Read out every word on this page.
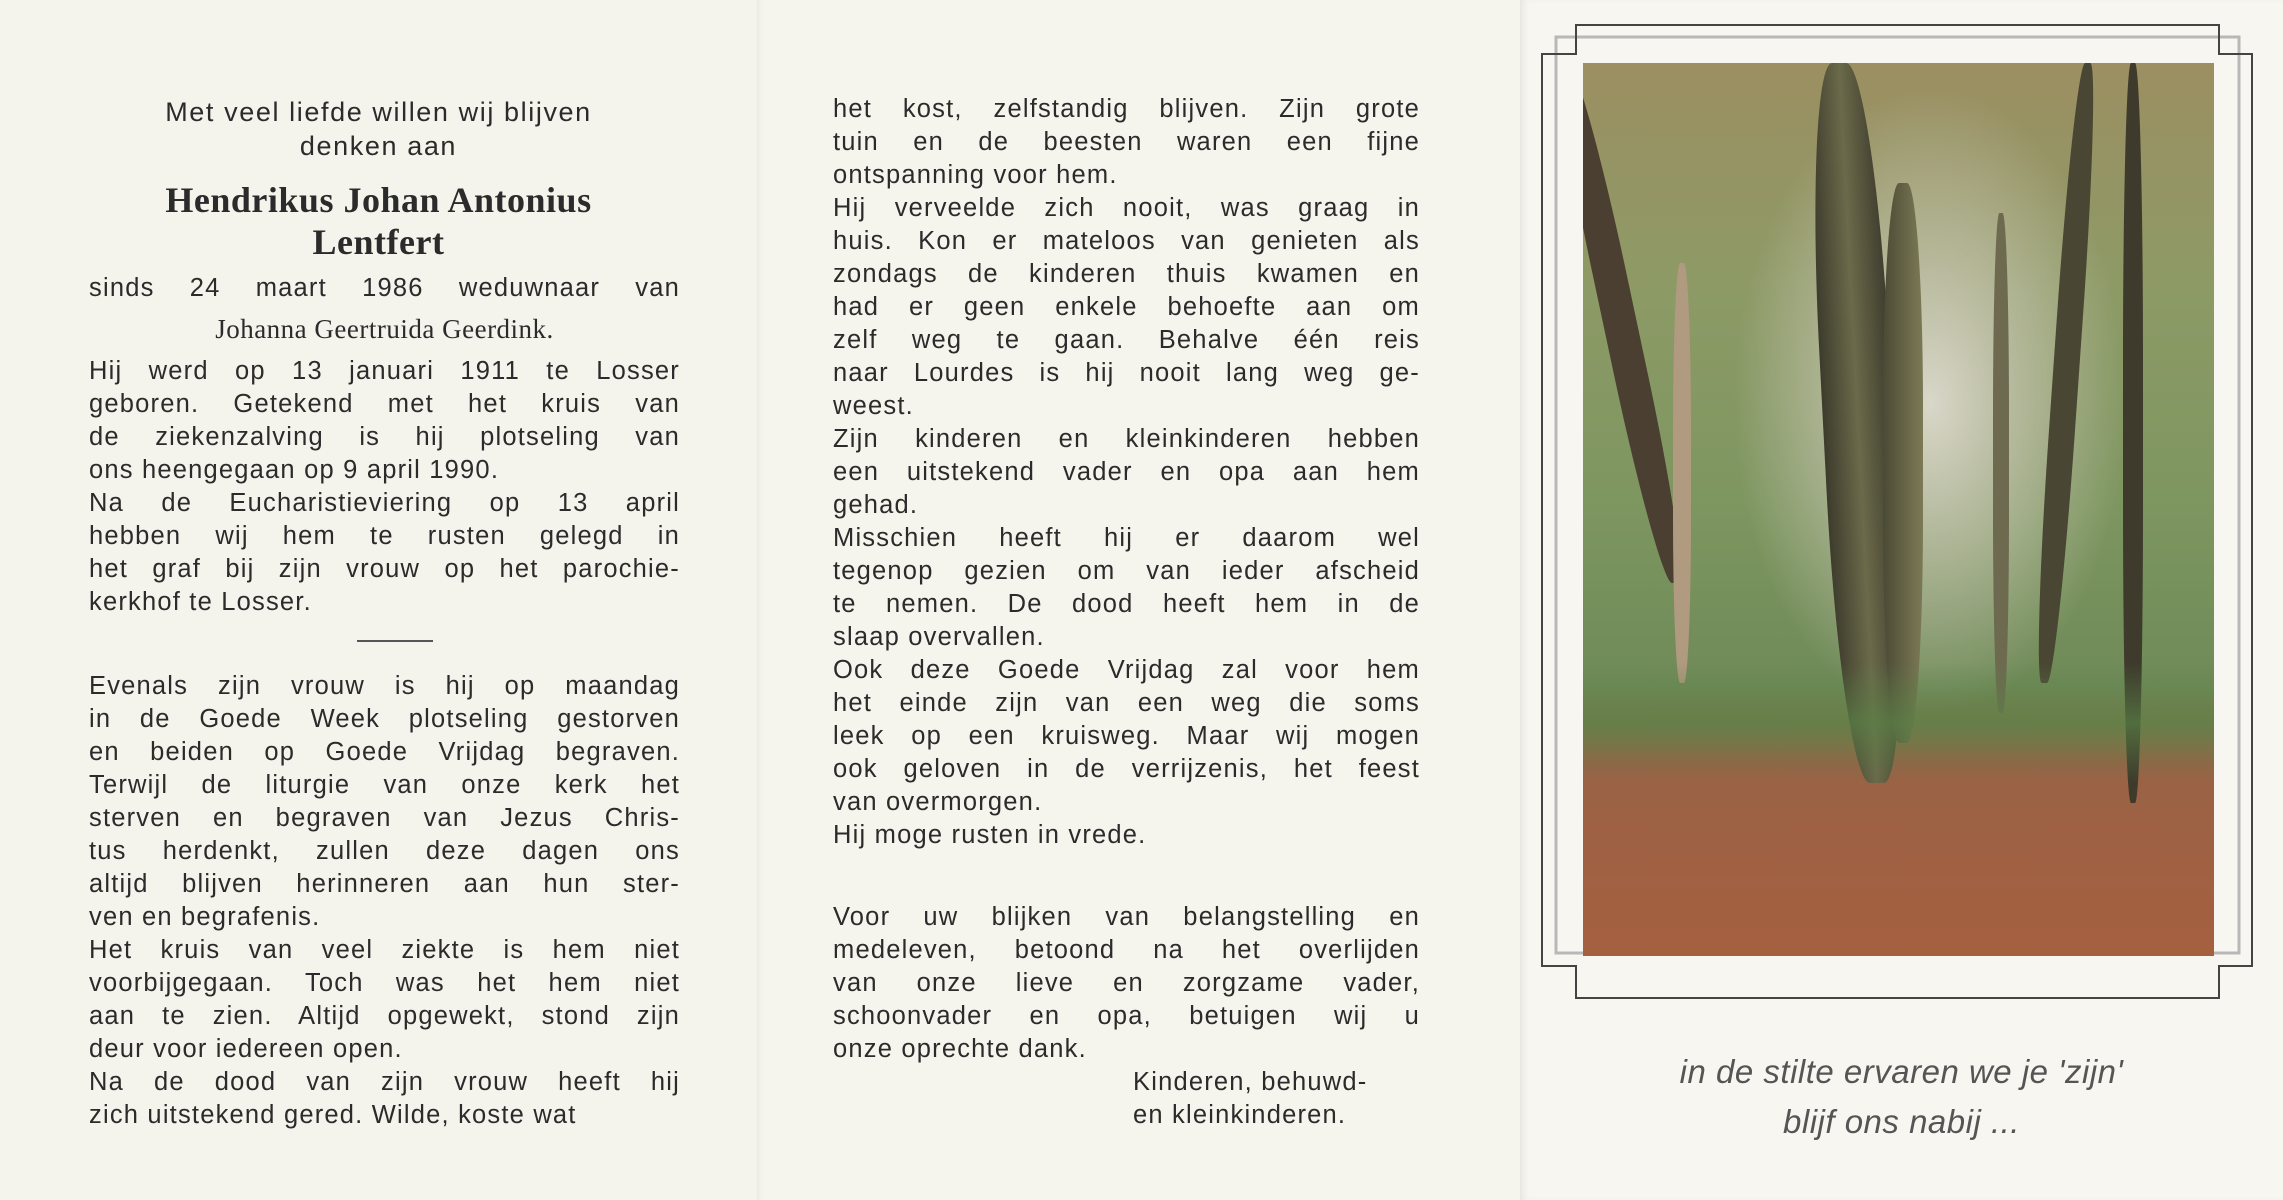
Met veel liefde willen wij blijven
denken aan
Hendrikus Johan Antonius
Lentfert
sinds 24 maart 1986 weduwnaar van
Johanna Geertruida Geerdink.
Hij werd op 13 januari 1911 te Losser
geboren. Getekend met het kruis van
de ziekenzalving is hij plotseling van
ons heengegaan op 9 april 1990.
Na de Eucharistieviering op 13 april
hebben wij hem te rusten gelegd in
het graf bij zijn vrouw op het parochie-
kerkhof te Losser.
Evenals zijn vrouw is hij op maandag
in de Goede Week plotseling gestorven
en beiden op Goede Vrijdag begraven.
Terwijl de liturgie van onze kerk het
sterven en begraven van Jezus Chris-
tus herdenkt, zullen deze dagen ons
altijd blijven herinneren aan hun ster-
ven en begrafenis.
Het kruis van veel ziekte is hem niet
voorbijgegaan. Toch was het hem niet
aan te zien. Altijd opgewekt, stond zijn
deur voor iedereen open.
Na de dood van zijn vrouw heeft hij
zich uitstekend gered. Wilde, koste wat
het kost, zelfstandig blijven. Zijn grote
tuin en de beesten waren een fijne
ontspanning voor hem.
Hij verveelde zich nooit, was graag in
huis. Kon er mateloos van genieten als
zondags de kinderen thuis kwamen en
had er geen enkele behoefte aan om
zelf weg te gaan. Behalve één reis
naar Lourdes is hij nooit lang weg ge-
weest.
Zijn kinderen en kleinkinderen hebben
een uitstekend vader en opa aan hem
gehad.
Misschien heeft hij er daarom wel
tegenop gezien om van ieder afscheid
te nemen. De dood heeft hem in de
slaap overvallen.
Ook deze Goede Vrijdag zal voor hem
het einde zijn van een weg die soms
leek op een kruisweg. Maar wij mogen
ook geloven in de verrijzenis, het feest
van overmorgen.
Hij moge rusten in vrede.
Voor uw blijken van belangstelling en
medeleven, betoond na het overlijden
van onze lieve en zorgzame vader,
schoonvader en opa, betuigen wij u
onze oprechte dank.
Kinderen, behuwd-
en kleinkinderen.
in de stilte ervaren we je 'zijn'
blijf ons nabij ...
